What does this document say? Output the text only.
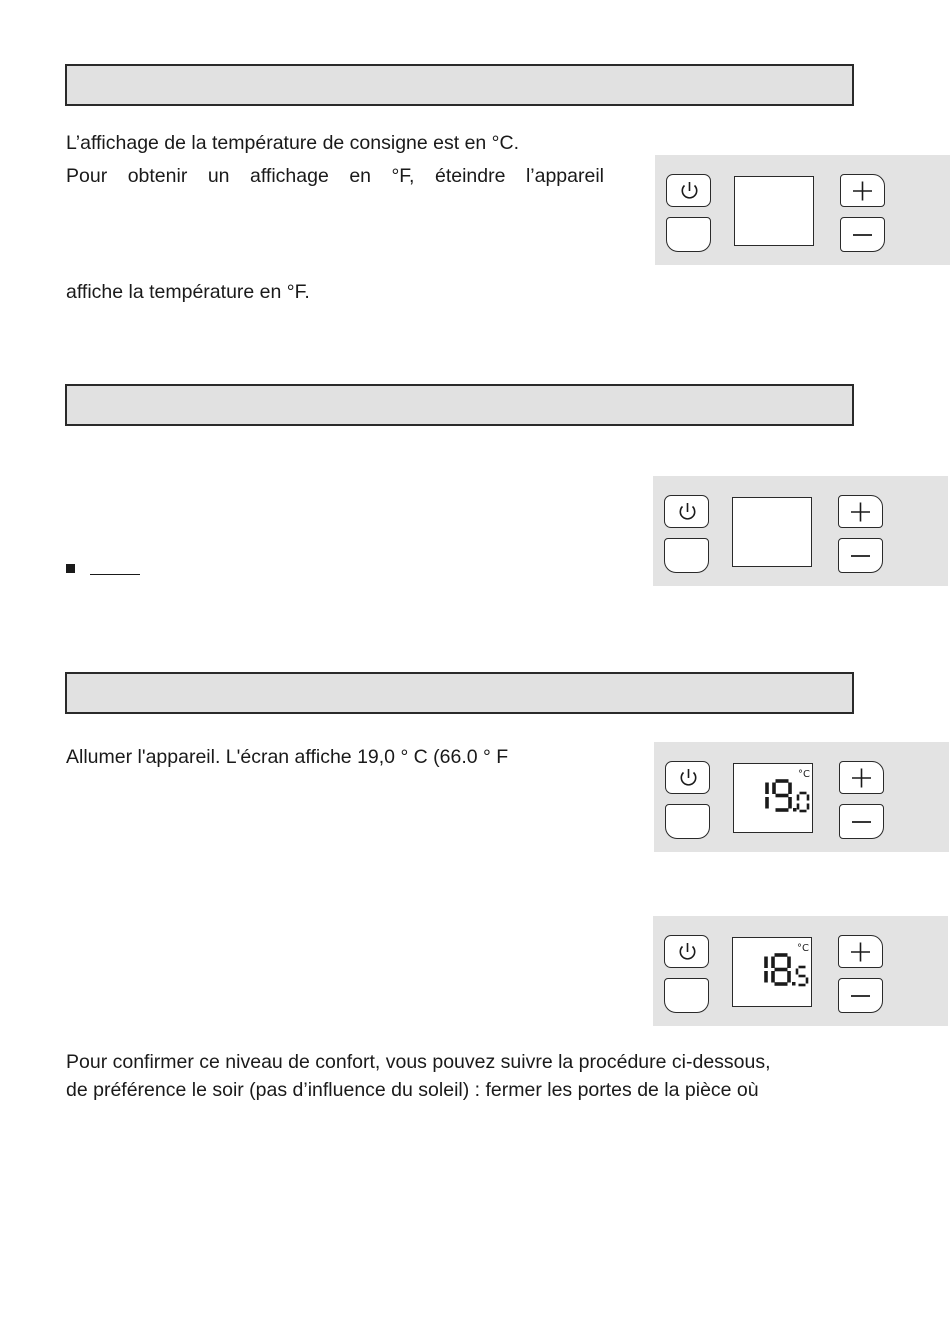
L’affichage de la température de consigne est en °C.

Pour obtenir un affichage en °F, éteindre l’appareil

affiche la température en °F.

Allumer l'appareil. L'écran affiche 19,0 ° C (66.0 ° F

°C
°C

Pour confirmer ce niveau de confort, vous pouvez suivre la procédure ci-dessous,

de préférence le soir (pas d’influence du soleil) : fermer les portes de la pièce où
